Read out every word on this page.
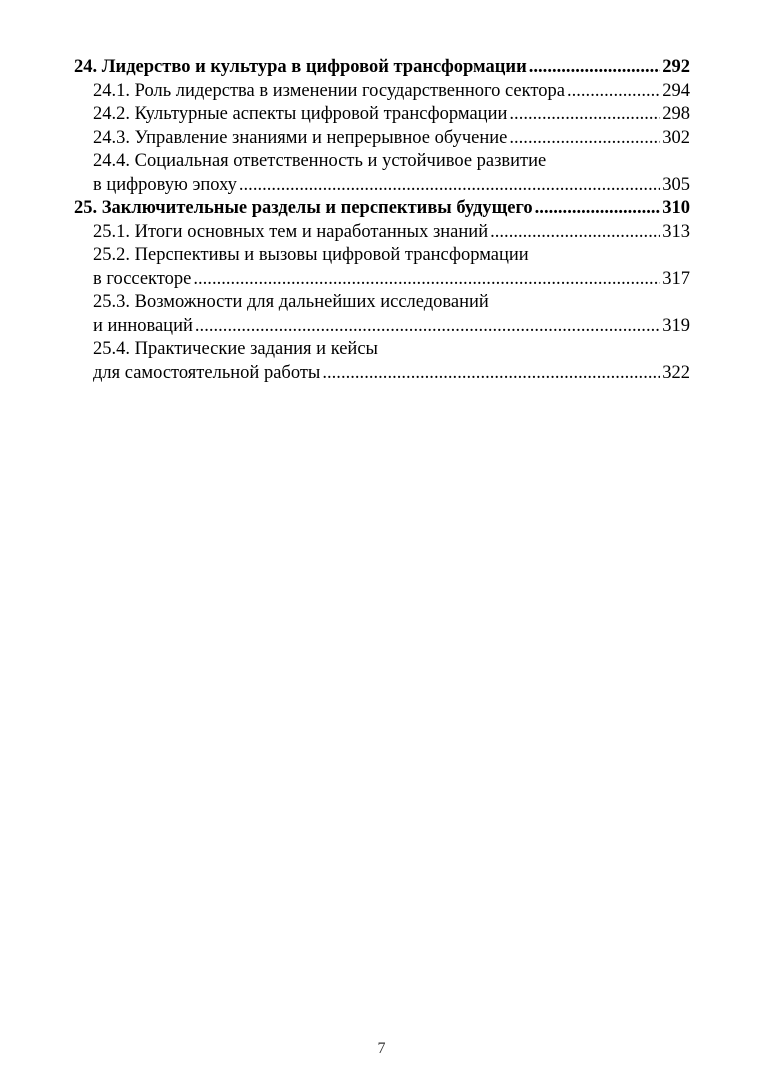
24. Лидерство и культура в цифровой трансформации . . .	292
24.1. Роль лидерства в изменении государственного сектора . . .	294
24.2. Культурные аспекты цифровой трансформации . . .	298
24.3. Управление знаниями и непрерывное обучение . . .	302
24.4. Социальная ответственность и устойчивое развитие
в цифровую эпоху . . .	305
25. Заключительные разделы и перспективы будущего . . .	310
25.1. Итоги основных тем и наработанных знаний . . .	313
25.2. Перспективы и вызовы цифровой трансформации
в госсекторе . . .	317
25.3. Возможности для дальнейших исследований
и инноваций . . .	319
25.4. Практические задания и кейсы
для самостоятельной работы . . .	322
7
